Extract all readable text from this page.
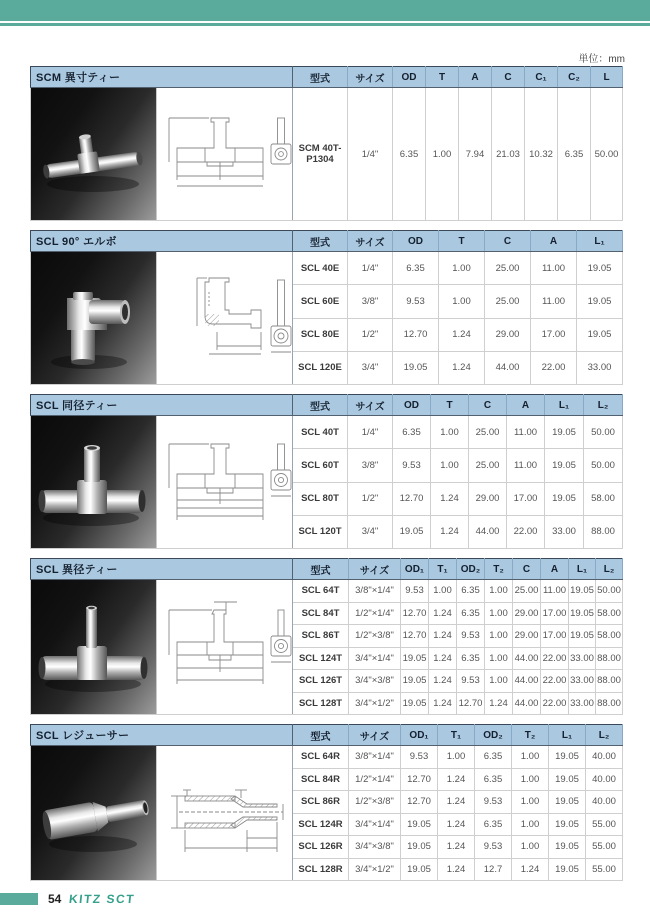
単位：mm
SCM 異寸ティー	型式	サイズ	OD	T	A	C	C₁	C₂	L

	SCM 40T-P1304	1/4"	6.35	1.00	7.94	21.03	10.32	6.35	50.00
SCL 90° エルボ	型式	サイズ	OD	T	C	A	L₁

	SCL 40E	1/4"	6.35	1.00	25.00	11.00	19.05
	SCL 60E	3/8"	9.53	1.00	25.00	11.00	19.05
	SCL 80E	1/2"	12.70	1.24	29.00	17.00	19.05
	SCL 120E	3/4"	19.05	1.24	44.00	22.00	33.00
SCL 同径ティー	型式	サイズ	OD	T	C	A	L₁	L₂

	SCL 40T	1/4"	6.35	1.00	25.00	11.00	19.05	50.00
	SCL 60T	3/8"	9.53	1.00	25.00	11.00	19.05	50.00
	SCL 80T	1/2"	12.70	1.24	29.00	17.00	19.05	58.00
	SCL 120T	3/4"	19.05	1.24	44.00	22.00	33.00	88.00
SCL 異径ティー	型式	サイズ	OD₁	T₁	OD₂	T₂	C	A	L₁	L₂

	SCL 64T	3/8"×1/4"	9.53	1.00	6.35	1.00	25.00	11.00	19.05	50.00
	SCL 84T	1/2"×1/4"	12.70	1.24	6.35	1.00	29.00	17.00	19.05	58.00
	SCL 86T	1/2"×3/8"	12.70	1.24	9.53	1.00	29.00	17.00	19.05	58.00
	SCL 124T	3/4"×1/4"	19.05	1.24	6.35	1.00	44.00	22.00	33.00	88.00
	SCL 126T	3/4"×3/8"	19.05	1.24	9.53	1.00	44.00	22.00	33.00	88.00
	SCL 128T	3/4"×1/2"	19.05	1.24	12.70	1.24	44.00	22.00	33.00	88.00
SCL レジューサー	型式	サイズ	OD₁	T₁	OD₂	T₂	L₁	L₂

	SCL 64R	3/8"×1/4"	9.53	1.00	6.35	1.00	19.05	40.00
	SCL 84R	1/2"×1/4"	12.70	1.24	6.35	1.00	19.05	40.00
	SCL 86R	1/2"×3/8"	12.70	1.24	9.53	1.00	19.05	40.00
	SCL 124R	3/4"×1/4"	19.05	1.24	6.35	1.00	19.05	55.00
	SCL 126R	3/4"×3/8"	19.05	1.24	9.53	1.00	19.05	55.00
	SCL 128R	3/4"×1/2"	19.05	1.24	12.7	1.24	19.05	55.00
54 KITZ SCT
